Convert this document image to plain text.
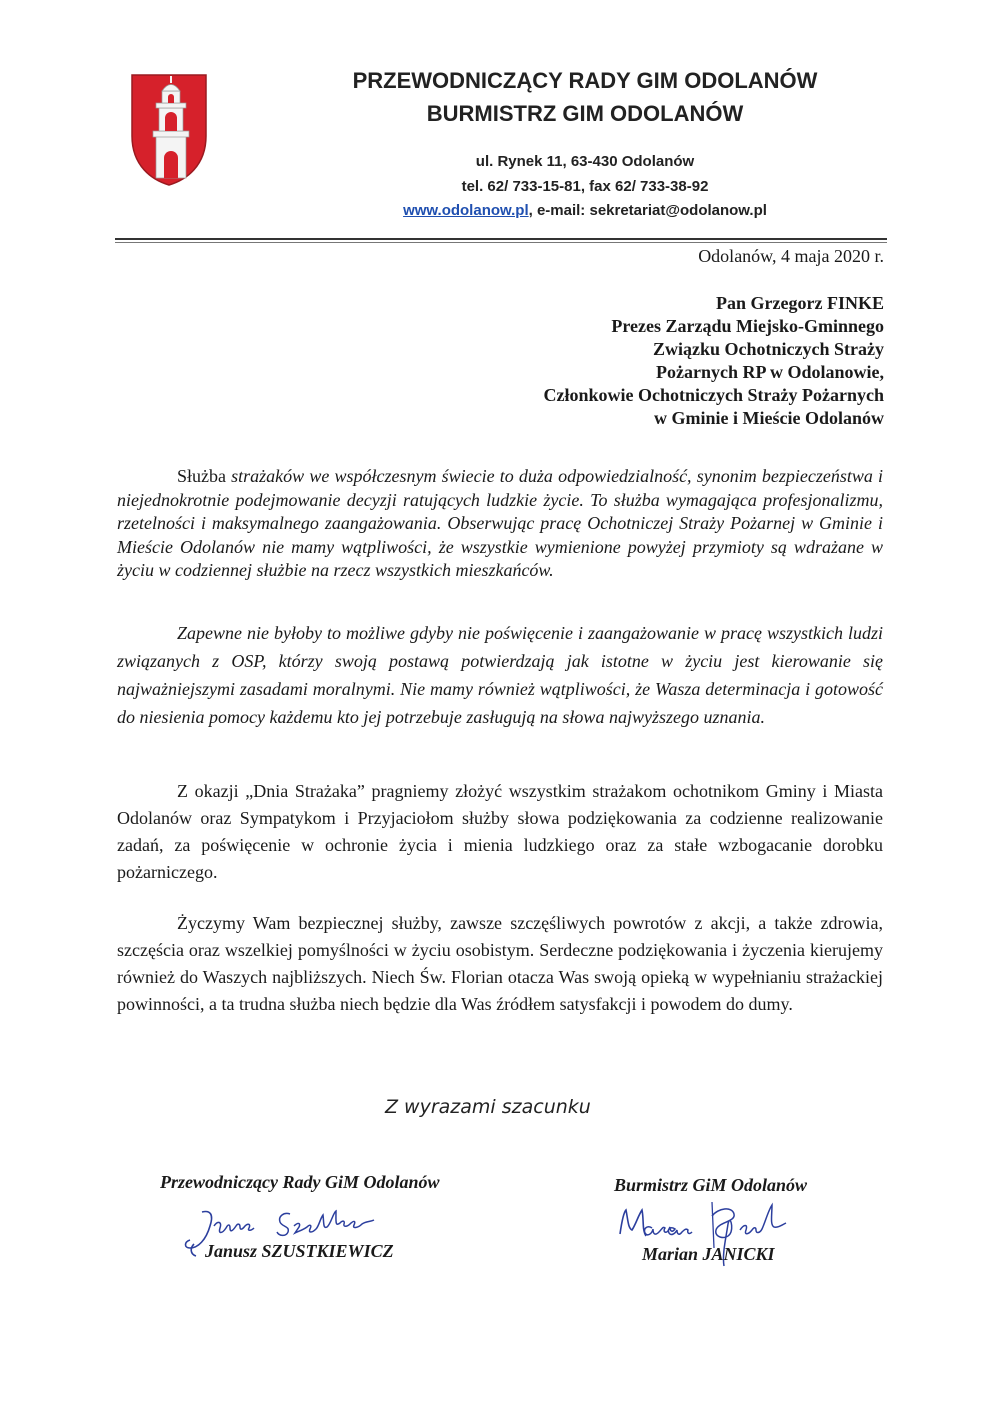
PRZEWODNICZĄCY RADY GIM ODOLANÓW
BURMISTRZ GIM ODOLANÓW
ul. Rynek 11, 63-430 Odolanów
tel. 62/ 733-15-81, fax 62/ 733-38-92
www.odolanow.pl, e-mail: sekretariat@odolanow.pl
Odolanów, 4 maja 2020 r.
Pan Grzegorz FINKE
Prezes Zarządu Miejsko-Gminnego
Związku Ochotniczych Straży
Pożarnych RP w Odolanowie,
Członkowie Ochotniczych Straży Pożarnych
w Gminie i Mieście Odolanów
Służba strażaków we współczesnym świecie to duża odpowiedzialność, synonim bezpieczeństwa i niejednokrotnie podejmowanie decyzji ratujących ludzkie życie. To służba wymagająca profesjonalizmu, rzetelności i maksymalnego zaangażowania. Obserwując pracę Ochotniczej Straży Pożarnej w Gminie i Mieście Odolanów nie mamy wątpliwości, że wszystkie wymienione powyżej przymioty są wdrażane w życiu w codziennej służbie na rzecz wszystkich mieszkańców.
Zapewne nie byłoby to możliwe gdyby nie poświęcenie i zaangażowanie w pracę wszystkich ludzi związanych z OSP, którzy swoją postawą potwierdzają jak istotne w życiu jest kierowanie się najważniejszymi zasadami moralnymi. Nie mamy również wątpliwości, że Wasza determinacja i gotowość do niesienia pomocy każdemu kto jej potrzebuje zasługują na słowa najwyższego uznania.
Z okazji „Dnia Strażaka” pragniemy złożyć wszystkim strażakom ochotnikom Gminy i Miasta Odolanów oraz Sympatykom i Przyjaciołom służby słowa podziękowania za codzienne realizowanie zadań, za poświęcenie w ochronie życia i mienia ludzkiego oraz za stałe wzbogacanie dorobku pożarniczego.
Życzymy Wam bezpiecznej służby, zawsze szczęśliwych powrotów z akcji, a także zdrowia, szczęścia oraz wszelkiej pomyślności w życiu osobistym. Serdeczne podziękowania i życzenia kierujemy również do Waszych najbliższych. Niech Św. Florian otacza Was swoją opieką w wypełnianiu strażackiej powinności, a ta trudna służba niech będzie dla Was źródłem satysfakcji i powodem do dumy.
Z wyrazami szacunku
Przewodniczący Rady GiM Odolanów
Janusz SZUSTKIEWICZ
Burmistrz GiM Odolanów
Marian JANICKI
